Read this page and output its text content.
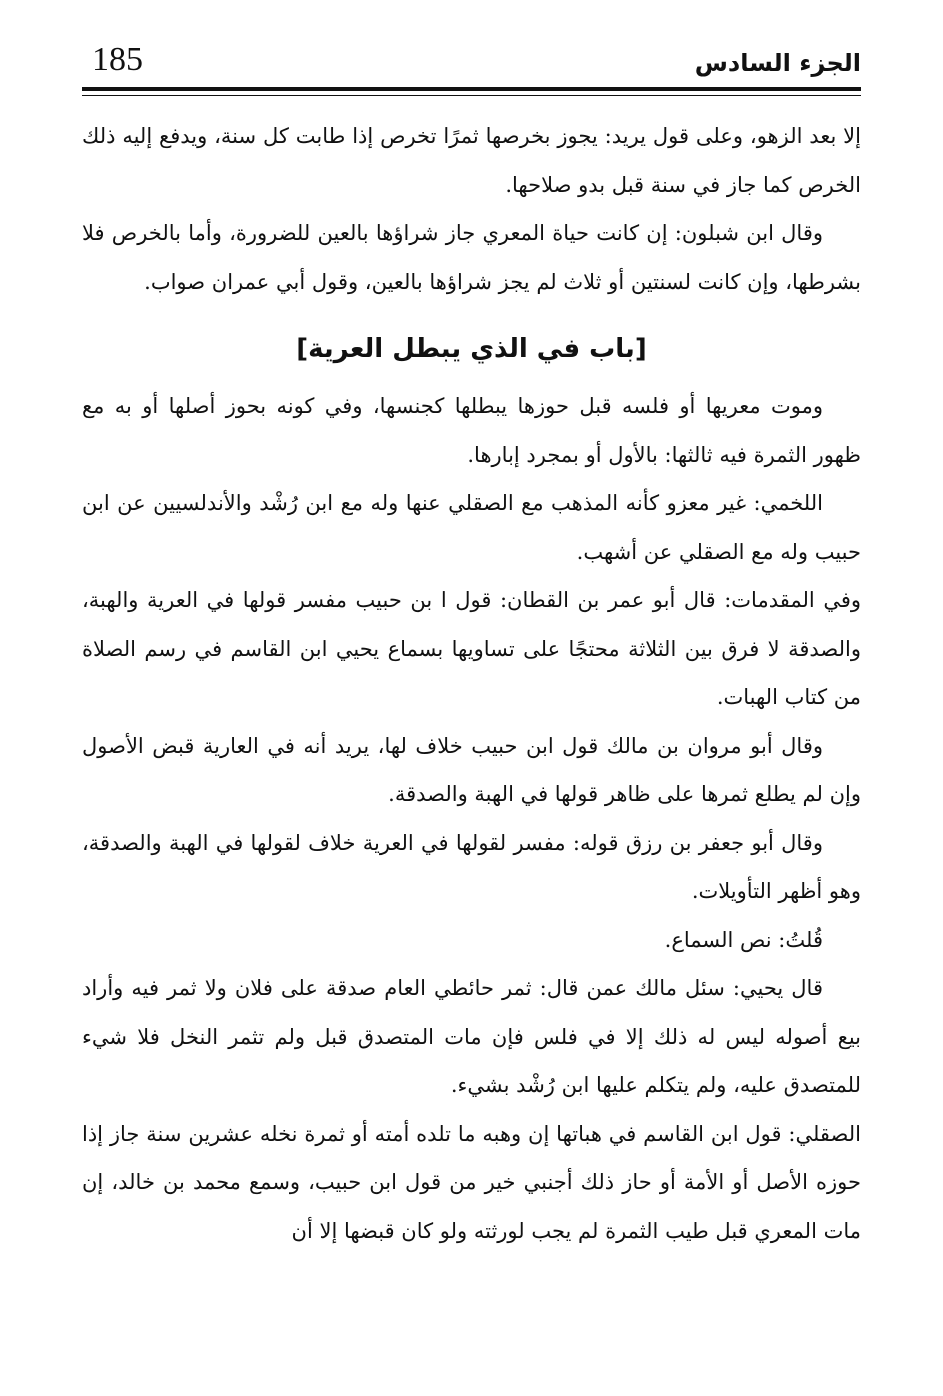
185	الجزء السادس

إلا بعد الزهو، وعلى قول يريد: يجوز بخرصها ثمرًا تخرص إذا طابت كل سنة، ويدفع إليه ذلك الخرص كما جاز في سنة قبل بدو صلاحها.

وقال ابن شبلون: إن كانت حياة المعري جاز شراؤها بالعين للضرورة، وأما بالخرص فلا بشرطها، وإن كانت لسنتين أو ثلاث لم يجز شراؤها بالعين، وقول أبي عمران صواب.

[باب في الذي يبطل العرية]

وموت معريها أو فلسه قبل حوزها يبطلها كجنسها، وفي كونه بحوز أصلها أو به مع ظهور الثمرة فيه ثالثها: بالأول أو بمجرد إبارها.

اللخمي: غير معزو كأنه المذهب مع الصقلي عنها وله مع ابن رُشْد والأندلسيين عن ابن حبيب وله مع الصقلي عن أشهب.

وفي المقدمات: قال أبو عمر بن القطان: قول ا بن حبيب مفسر قولها في العرية والهبة، والصدقة لا فرق بين الثلاثة محتجًا على تساويها بسماع يحيي ابن القاسم في رسم الصلاة من كتاب الهبات.

وقال أبو مروان بن مالك قول ابن حبيب خلاف لها، يريد أنه في العارية قبض الأصول وإن لم يطلع ثمرها على ظاهر قولها في الهبة والصدقة.

وقال أبو جعفر بن رزق قوله: مفسر لقولها في العرية خلاف لقولها في الهبة والصدقة، وهو أظهر التأويلات.

قُلتُ: نص السماع.

قال يحيي: سئل مالك عمن قال: ثمر حائطي العام صدقة على فلان ولا ثمر فيه وأراد بيع أصوله ليس له ذلك إلا في فلس فإن مات المتصدق قبل ولم تثمر النخل فلا شيء للمتصدق عليه، ولم يتكلم عليها ابن رُشْد بشيء.

الصقلي: قول ابن القاسم في هباتها إن وهبه ما تلده أمته أو ثمرة نخله عشرين سنة جاز إذا حوزه الأصل أو الأمة أو حاز ذلك أجنبي خير من قول ابن حبيب، وسمع محمد بن خالد، إن مات المعري قبل طيب الثمرة لم يجب لورثته ولو كان قبضها إلا أن
